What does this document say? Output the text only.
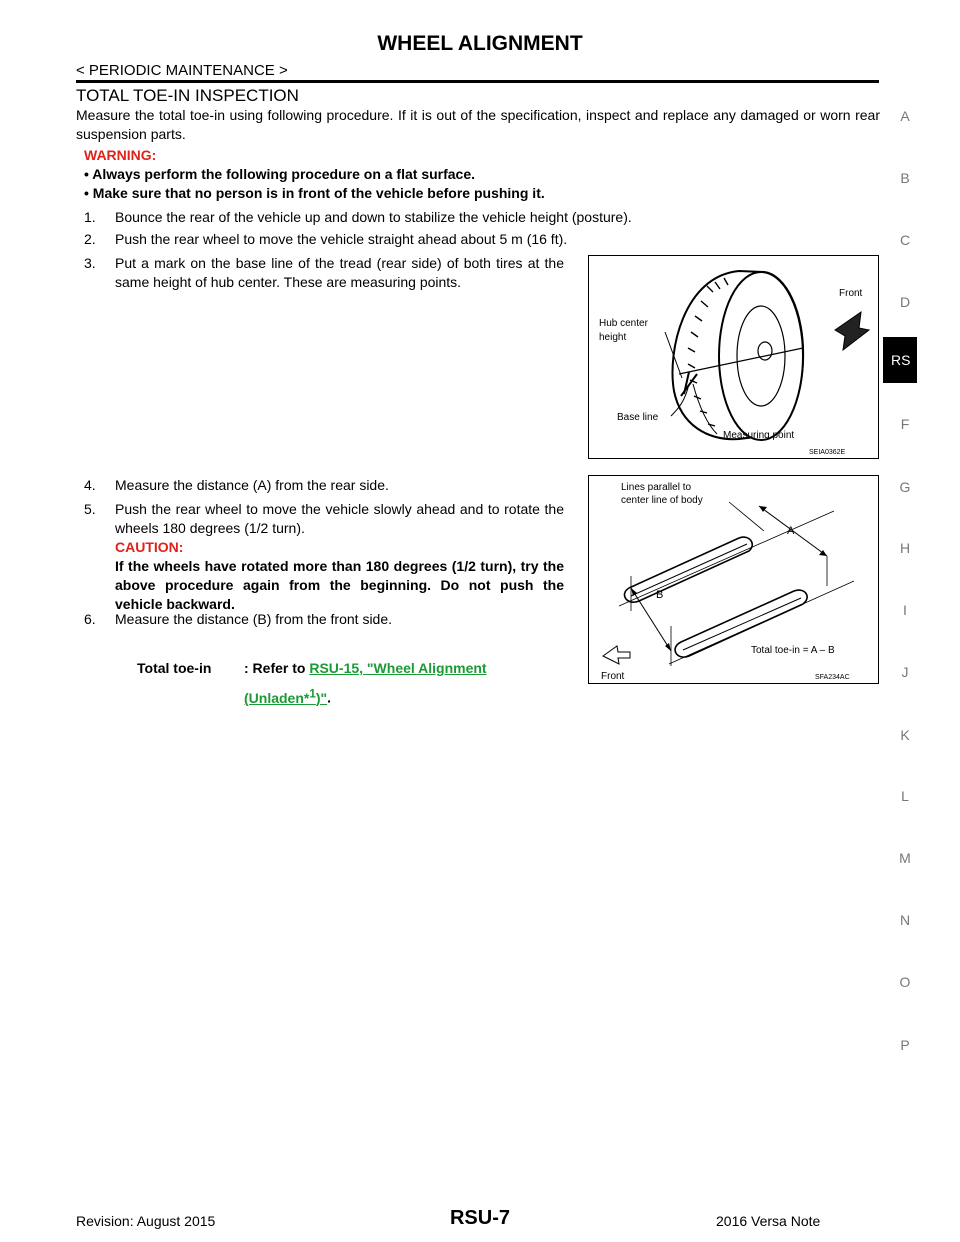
WHEEL ALIGNMENT
< PERIODIC MAINTENANCE >
TOTAL TOE-IN INSPECTION
Measure the total toe-in using following procedure. If it is out of the specification, inspect and replace any damaged or worn rear suspension parts.
WARNING:
• Always perform the following procedure on a flat surface.
• Make sure that no person is in front of the vehicle before pushing it.
1. Bounce the rear of the vehicle up and down to stabilize the vehicle height (posture).
2. Push the rear wheel to move the vehicle straight ahead about 5 m (16 ft).
3. Put a mark on the base line of the tread (rear side) of both tires at the same height of hub center. These are measuring points.
Front
Hub center
height
Base line
Measuring point
SEIA0362E
4. Measure the distance (A) from the rear side.
5. Push the rear wheel to move the vehicle slowly ahead and to rotate the wheels 180 degrees (1/2 turn).
CAUTION:
If the wheels have rotated more than 180 degrees (1/2 turn), try the above procedure again from the beginning. Do not push the vehicle backward.
6. Measure the distance (B) from the front side.
Lines parallel to
center line of body
A
B
Total toe-in = A – B
Front	SFA234AC
Total toe-in : Refer to RSU-15, "Wheel Alignment
(Unladen*$^1$)".
A
B
C
D
RS
F
G
H
I
J
K
L
M
N
O
P
Revision: August 2015	RSU-7	2016 Versa Note
